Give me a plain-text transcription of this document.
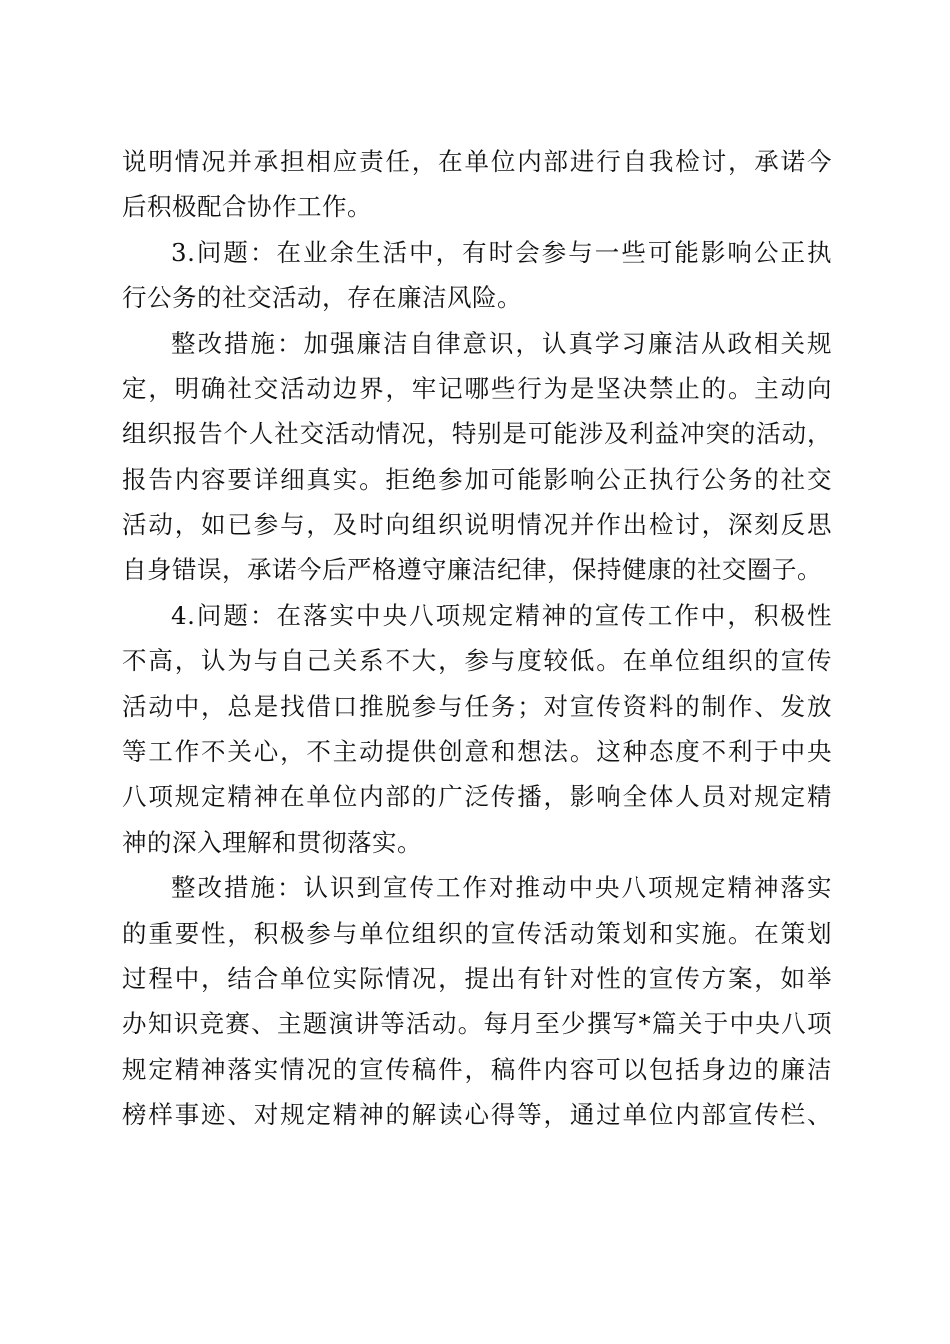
说明情况并承担相应责任，在单位内部进行自我检讨，承诺今
后积极配合协作工作。
3.问题：在业余生活中，有时会参与一些可能影响公正执
行公务的社交活动，存在廉洁风险。
整改措施：加强廉洁自律意识，认真学习廉洁从政相关规
定，明确社交活动边界，牢记哪些行为是坚决禁止的。主动向
组织报告个人社交活动情况，特别是可能涉及利益冲突的活动，
报告内容要详细真实。拒绝参加可能影响公正执行公务的社交
活动，如已参与，及时向组织说明情况并作出检讨，深刻反思
自身错误，承诺今后严格遵守廉洁纪律，保持健康的社交圈子。
4.问题：在落实中央八项规定精神的宣传工作中，积极性
不高，认为与自己关系不大，参与度较低。在单位组织的宣传
活动中，总是找借口推脱参与任务；对宣传资料的制作、发放
等工作不关心，不主动提供创意和想法。这种态度不利于中央
八项规定精神在单位内部的广泛传播，影响全体人员对规定精
神的深入理解和贯彻落实。
整改措施：认识到宣传工作对推动中央八项规定精神落实
的重要性，积极参与单位组织的宣传活动策划和实施。在策划
过程中，结合单位实际情况，提出有针对性的宣传方案，如举
办知识竞赛、主题演讲等活动。每月至少撰写*篇关于中央八项
规定精神落实情况的宣传稿件，稿件内容可以包括身边的廉洁
榜样事迹、对规定精神的解读心得等，通过单位内部宣传栏、
